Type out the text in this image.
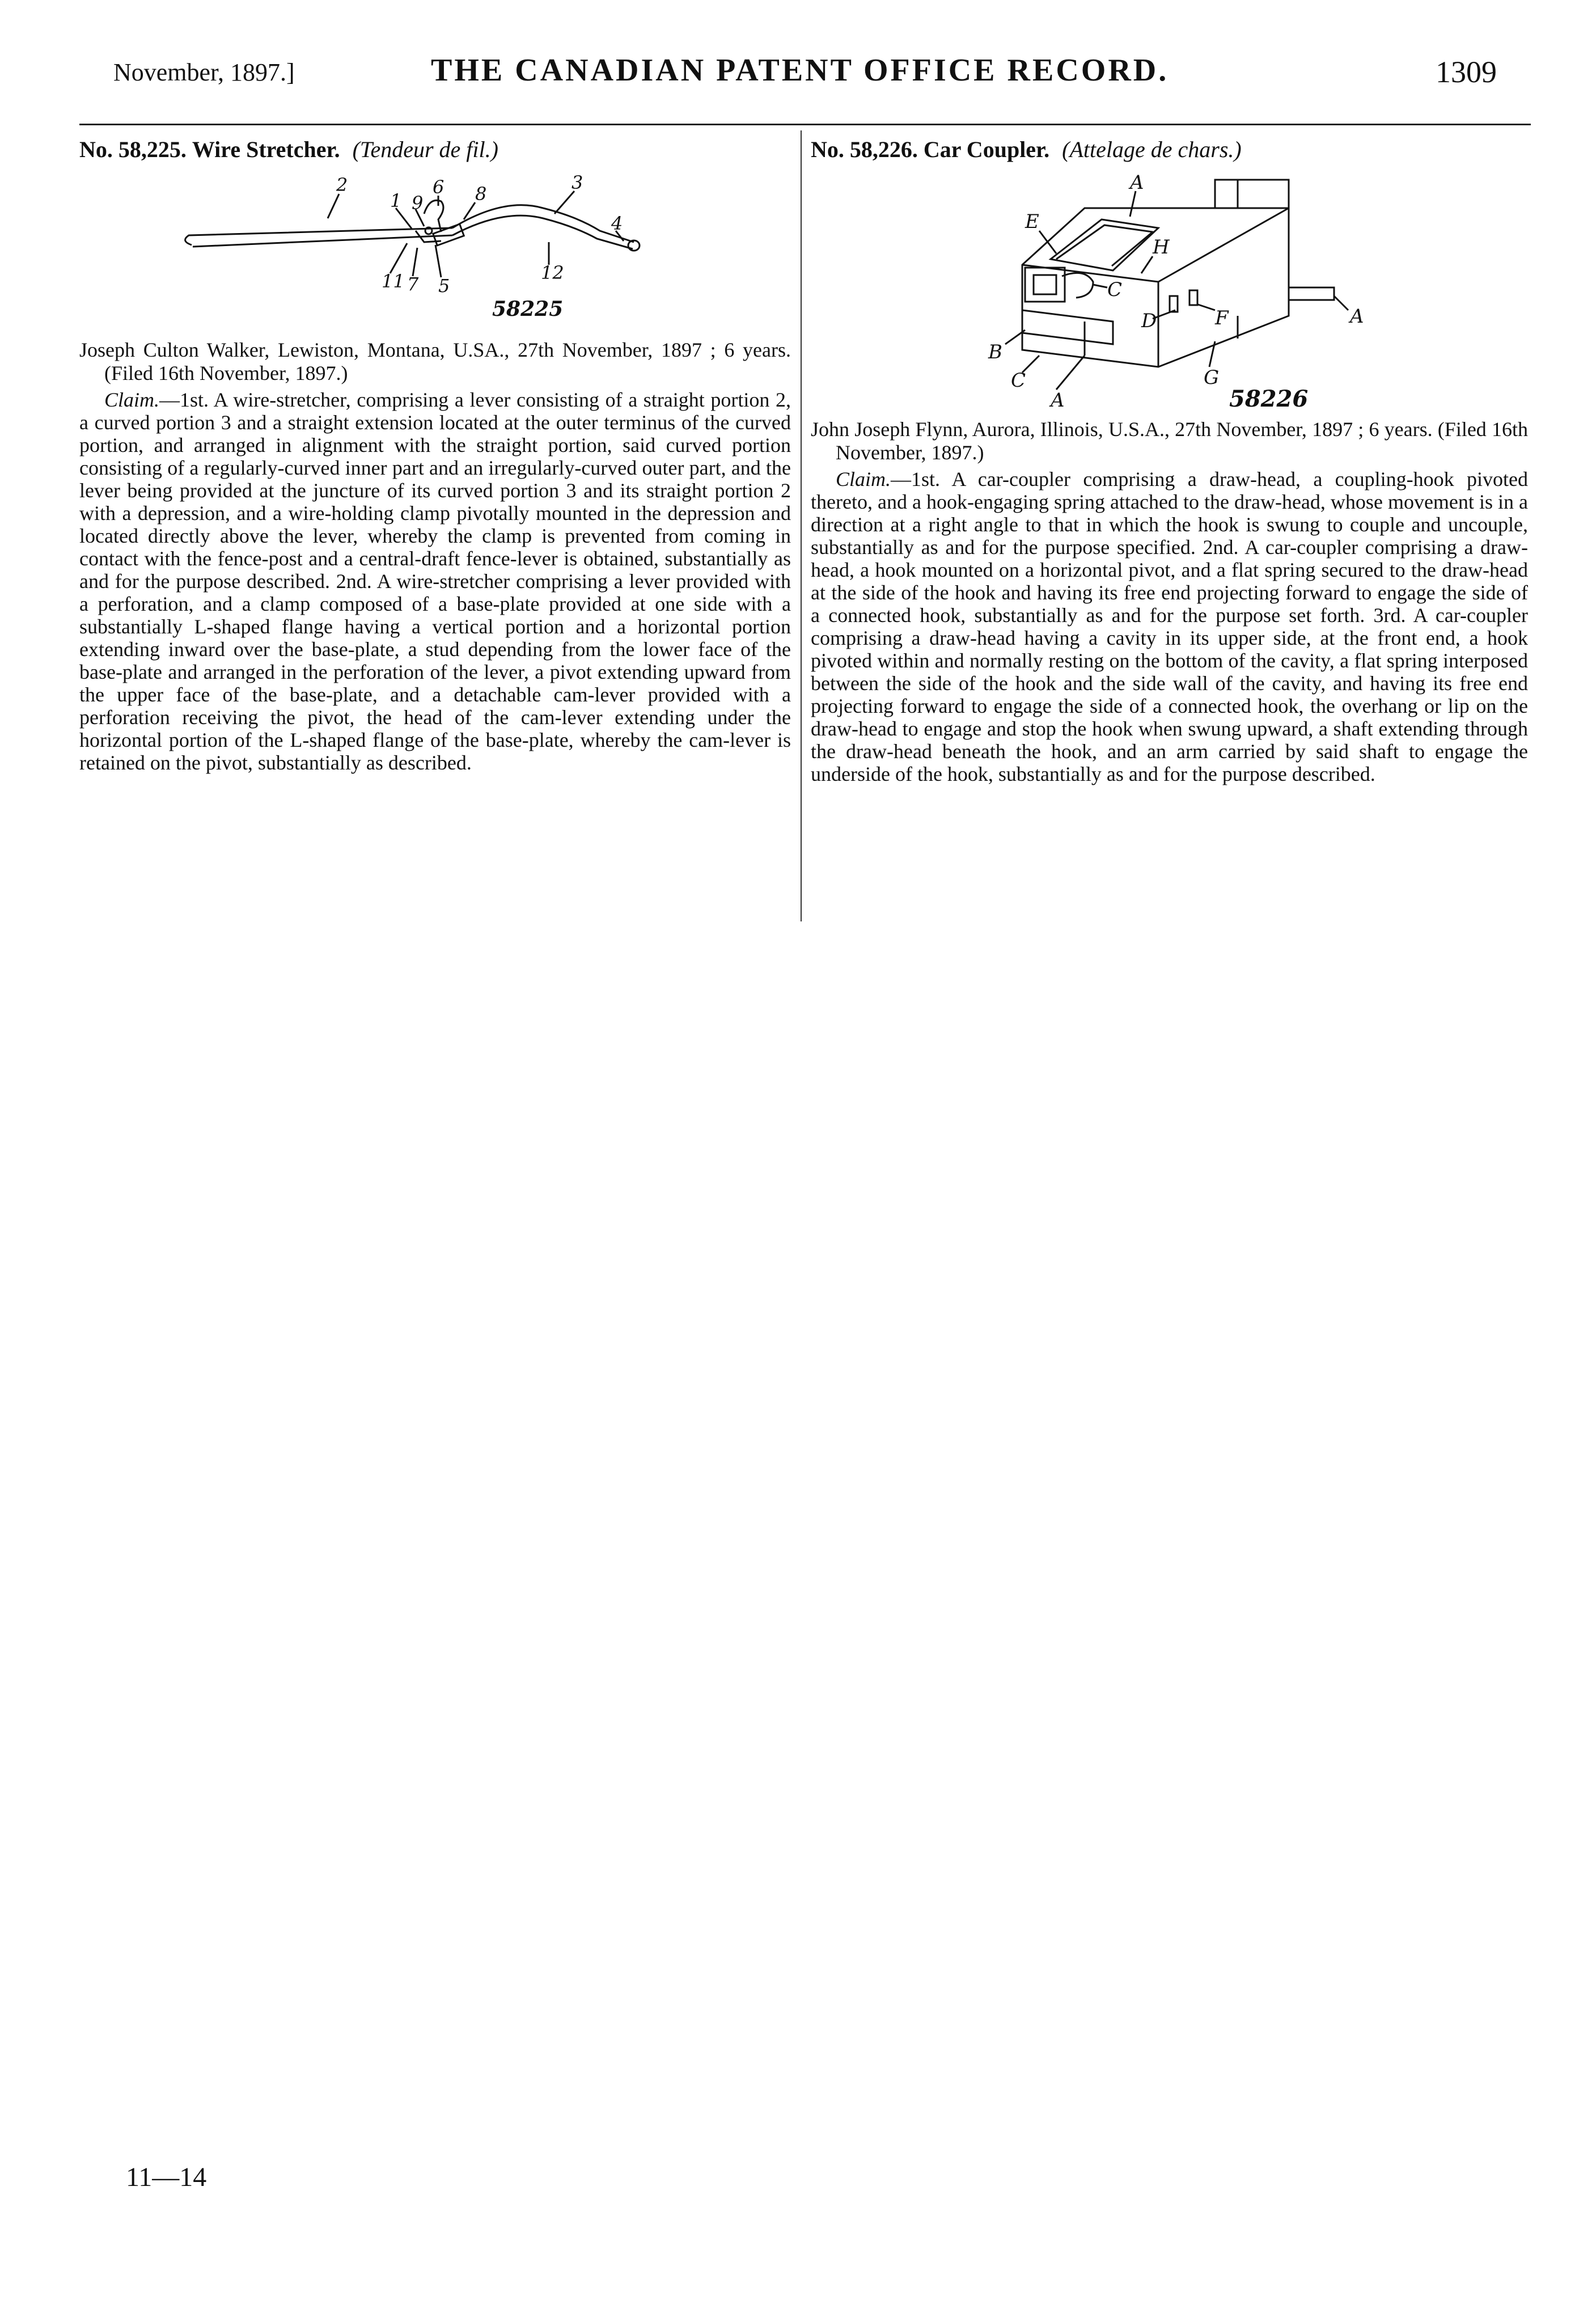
November, 1897.]	THE CANADIAN PATENT OFFICE RECORD.	1309
No. 58,225. Wire Stretcher. (Tendeur de fil.)
2
1 9
6 8
3
4
11 7 5
12
58225

Joseph Culton Walker, Lewiston, Montana, U.SA., 27th November, 1897 ; 6 years. (Filed 16th November, 1897.)

Claim.—1st. A wire-stretcher, comprising a lever consisting of a straight portion 2, a curved portion 3 and a straight extension located at the outer terminus of the curved portion, and arranged in alignment with the straight portion, said curved portion consisting of a regularly-curved inner part and an irregularly-curved outer part, and the lever being provided at the juncture of its curved portion 3 and its straight portion 2 with a depression, and a wire-holding clamp pivotally mounted in the depression and located directly above the lever, whereby the clamp is prevented from coming in contact with the fence-post and a central-draft fence-lever is obtained, substantially as and for the purpose described. 2nd. A wire-stretcher comprising a lever provided with a perforation, and a clamp composed of a base-plate provided at one side with a substantially L-shaped flange having a vertical portion and a horizontal portion extending inward over the base-plate, a stud depending from the lower face of the base-plate and arranged in the perforation of the lever, a pivot extending upward from the upper face of the base-plate, and a detachable cam-lever provided with a perforation receiving the pivot, the head of the cam-lever extending under the horizontal portion of the L-shaped flange of the base-plate, whereby the cam-lever is retained on the pivot, substantially as described.

No. 58,226. Car Coupler. (Attelage de chars.)
A
E
H
C
D	F	A
B
C
A
G
58226

John Joseph Flynn, Aurora, Illinois, U.S.A., 27th November, 1897 ; 6 years. (Filed 16th November, 1897.)

Claim.—1st. A car-coupler comprising a draw-head, a coupling-hook pivoted thereto, and a hook-engaging spring attached to the draw-head, whose movement is in a direction at a right angle to that in which the hook is swung to couple and uncouple, substantially as and for the purpose specified. 2nd. A car-coupler comprising a draw-head, a hook mounted on a horizontal pivot, and a flat spring secured to the draw-head at the side of the hook and having its free end projecting forward to engage the side of a connected hook, substantially as and for the purpose set forth. 3rd. A car-coupler comprising a draw-head having a cavity in its upper side, at the front end, a hook pivoted within and normally resting on the bottom of the cavity, a flat spring interposed between the side of the hook and the side wall of the cavity, and having its free end projecting forward to engage the side of a connected hook, the overhang or lip on the draw-head to engage and stop the hook when swung upward, a shaft extending through the draw-head beneath the hook, and an arm carried by said shaft to engage the underside of the hook, substantially as and for the purpose described.

11—14
